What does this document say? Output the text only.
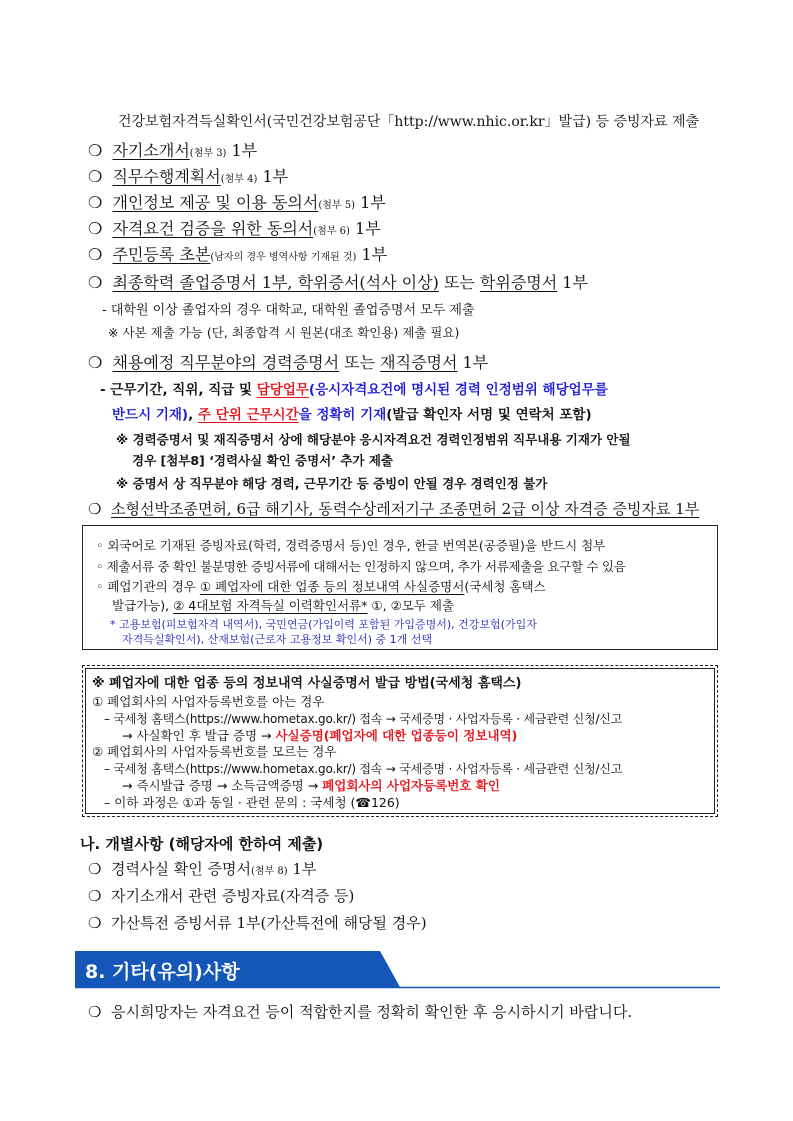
건강보험자격득실확인서(국민건강보험공단「http://www.nhic.or.kr」발급) 등 증빙자료 제출
❍ 자기소개서(첨부 3) 1부
❍ 직무수행계획서(첨부 4) 1부
❍ 개인정보 제공 및 이용 동의서(첨부 5) 1부
❍ 자격요건 검증을 위한 동의서(첨부 6) 1부
❍ 주민등록 초본(남자의 경우 병역사항 기재된 것) 1부
❍ 최종학력 졸업증명서 1부, 학위증서(석사 이상) 또는 학위증명서 1부
- 대학원 이상 졸업자의 경우 대학교, 대학원 졸업증명서 모두 제출
※ 사본 제출 가능 (단, 최종합격 시 원본(대조 확인용) 제출 필요)
❍ 채용예정 직무분야의 경력증명서 또는 재직증명서 1부
- 근무기간, 직위, 직급 및 담당업무(응시자격요건에 명시된 경력 인정범위 해당업무를
반드시 기재), 주 단위 근무시간을 정확히 기재(발급 확인자 서명 및 연락처 포함)
※ 경력증명서 및 재직증명서 상에 해당분야 응시자격요건 경력인정범위 직무내용 기재가 안될
경우 [첨부8] ‘경력사실 확인 증명서’ 추가 제출
※ 증명서 상 직무분야 해당 경력, 근무기간 등 증빙이 안될 경우 경력인정 불가
❍ 소형선박조종면허, 6급 해기사, 동력수상레저기구 조종면허 2급 이상 자격증 증빙자료 1부
◦ 외국어로 기재된 증빙자료(학력, 경력증명서 등)인 경우, 한글 번역본(공증필)을 반드시 첨부
◦ 제출서류 중 확인 불분명한 증빙서류에 대해서는 인정하지 않으며, 추가 서류제출을 요구할 수 있음
◦ 폐업기관의 경우 ① 폐업자에 대한 업종 등의 정보내역 사실증명서(국세청 홈택스
발급가능), ② 4대보험 자격득실 이력확인서류* ①, ②모두 제출
* 고용보험(피보험자격 내역서), 국민연금(가입이력 포함된 가입증명서), 건강보험(가입자
자격득실확인서), 산재보험(근로자 고용정보 확인서) 중 1개 선택
※ 폐업자에 대한 업종 등의 정보내역 사실증명서 발급 방법(국세청 홈택스)
① 폐업회사의 사업자등록번호를 아는 경우
– 국세청 홈택스(https://www.hometax.go.kr/) 접속 → 국세증명 · 사업자등록 · 세금관련 신청/신고
→ 사실확인 후 발급 증명 → 사실증명(폐업자에 대한 업종등이 정보내역)
② 폐업회사의 사업자등록번호를 모르는 경우
– 국세청 홈택스(https://www.hometax.go.kr/) 접속 → 국세증명 · 사업자등록 · 세금관련 신청/신고
→ 즉시발급 증명 → 소득금액증명 → 폐업회사의 사업자등록번호 확인
– 이하 과정은 ①과 동일 · 관련 문의 : 국세청 (☎126)
나. 개별사항 (해당자에 한하여 제출)
❍ 경력사실 확인 증명서(첨부 8) 1부
❍ 자기소개서 관련 증빙자료(자격증 등)
❍ 가산특전 증빙서류 1부(가산특전에 해당될 경우)
8. 기타(유의)사항
❍ 응시희망자는 자격요건 등이 적합한지를 정확히 확인한 후 응시하시기 바랍니다.
